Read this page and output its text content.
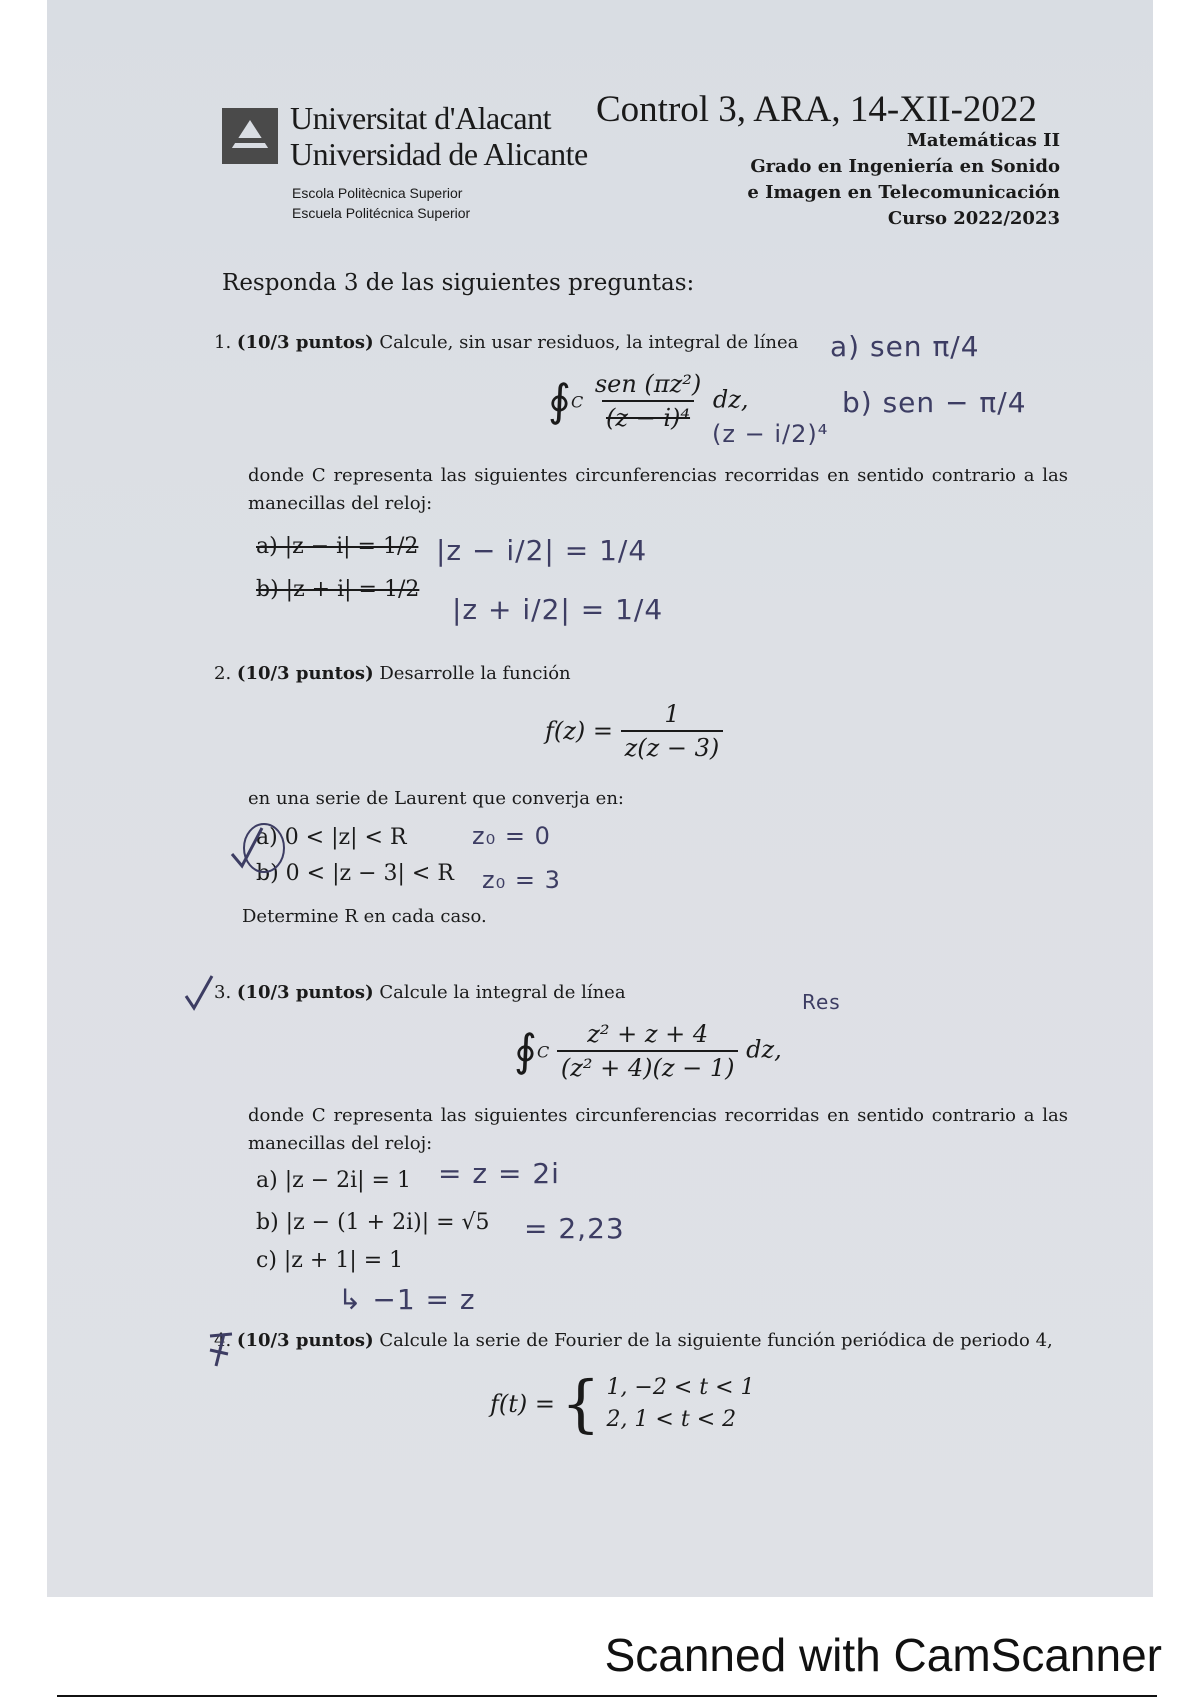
Universitat d'Alacant
Universidad de Alicante
Escola Politècnica Superior
Escuela Politécnica Superior
Control 3, ARA, 14-XII-2022
Matemáticas II
Grado en Ingeniería en Sonido
e Imagen en Telecomunicación
Curso 2022/2023
Responda 3 de las siguientes preguntas:
1. (10/3 puntos) Calcule, sin usar residuos, la integral de línea
∮C $\frac{\text{sen (πz²)}}{\text{(z − i)⁴}}$ dz,
donde C representa las siguientes circunferencias recorridas en sentido contrario a las manecillas del reloj:
a) |z − i| = 1/2
b) |z + i| = 1/2
2. (10/3 puntos) Desarrolle la función
$f(z) = \frac{1}{z(z - 3)}$
en una serie de Laurent que converja en:
a) 0 < |z| < R
b) 0 < |z − 3| < R
Determine R en cada caso.
3. (10/3 puntos) Calcule la integral de línea
∮C $\frac{\text{z² + z + 4}}{\text{(z² + 4)(z − 1)}}$ dz,
donde C representa las siguientes circunferencias recorridas en sentido contrario a las manecillas del reloj:
a) |z − 2i| = 1
b) |z − (1 + 2i)| = √5
c) |z + 1| = 1
4. (10/3 puntos) Calcule la serie de Fourier de la siguiente función periódica de periodo 4,
f(t) = { 1, −2 < t < 1
2, 1 < t < 2
a) sen π/4
b) sen − π/4
(z − i/2)⁴
|z − i/2| = 1/4
|z + i/2| = 1/4
z₀ = 0
z₀ = 3
Res
= z = 2i
= 2,23
↳ −1 = z
Scanned with CamScanner
